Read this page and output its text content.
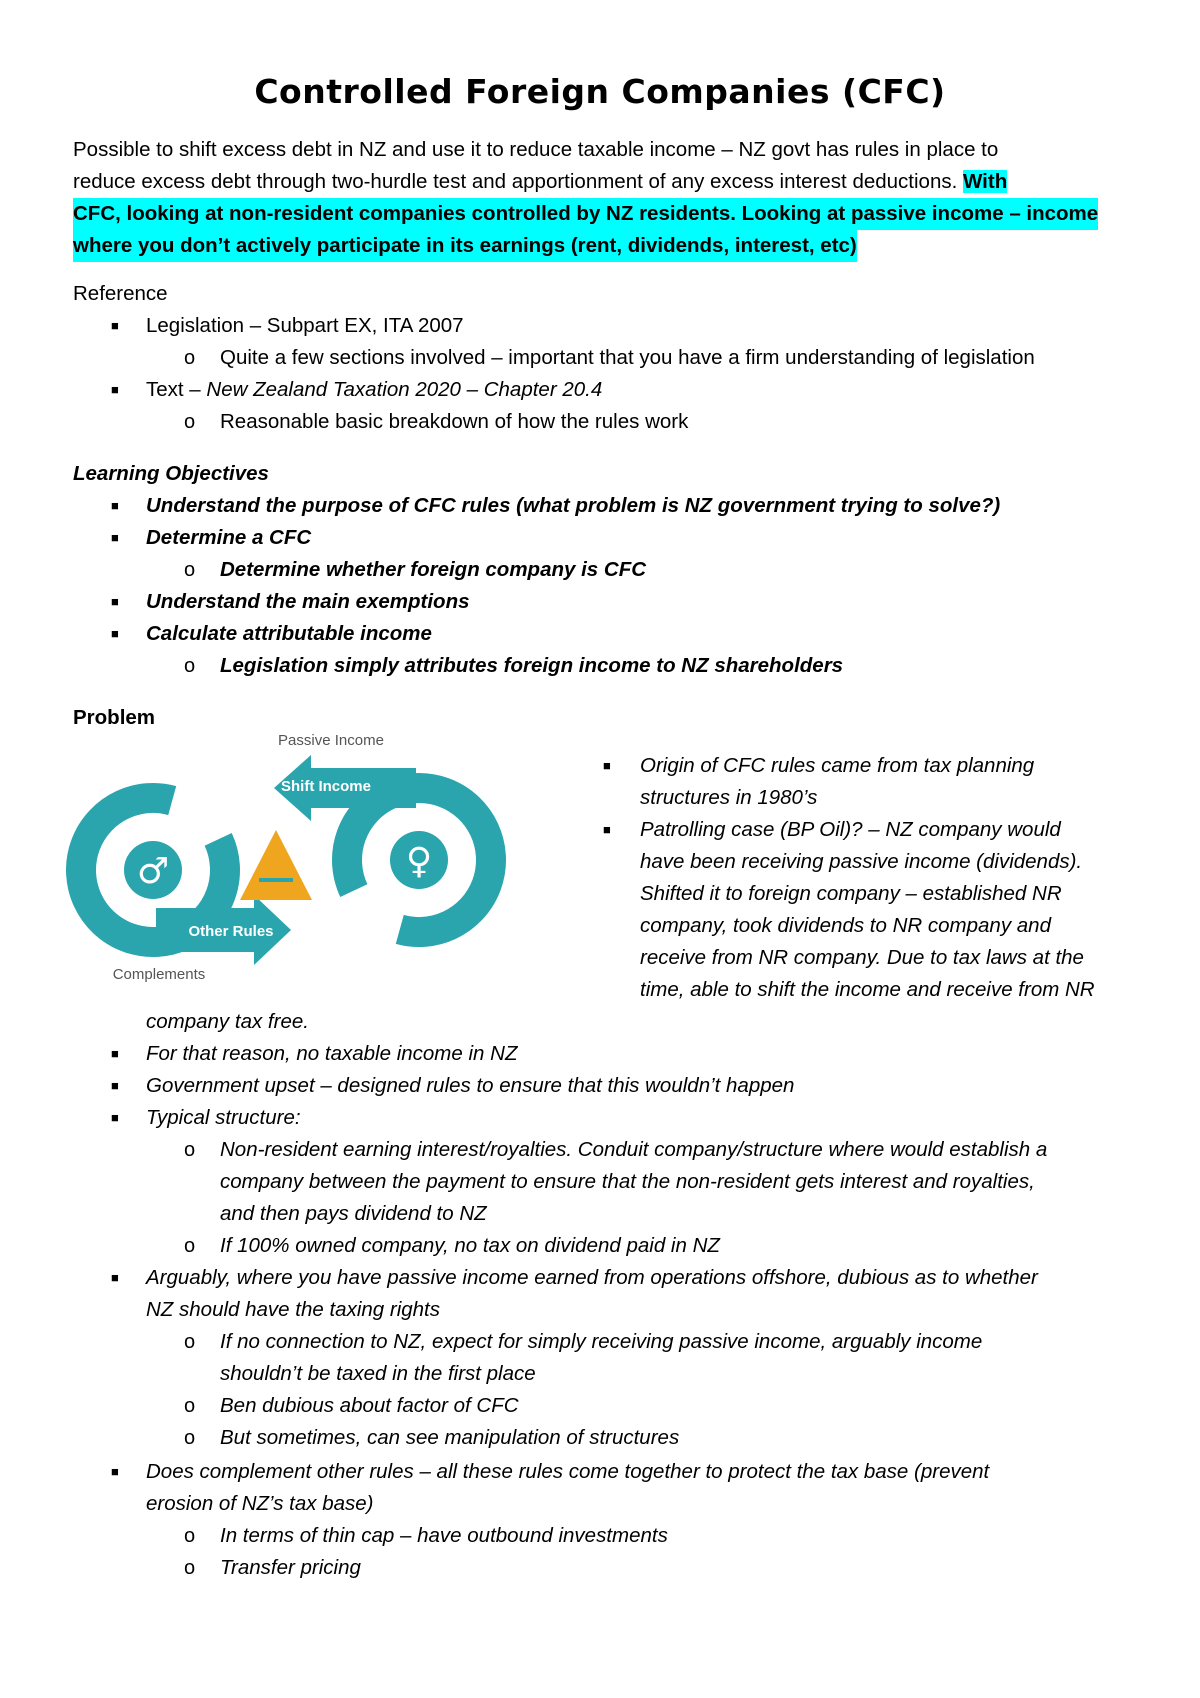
Controlled Foreign Companies (CFC)
Possible to shift excess debt in NZ and use it to reduce taxable income – NZ govt has rules in place to
reduce excess debt through two-hurdle test and apportionment of any excess interest deductions. With
CFC, looking at non-resident companies controlled by NZ residents. Looking at passive income – income
where you don’t actively participate in its earnings (rent, dividends, interest, etc)
Reference
■ Legislation – Subpart EX, ITA 2007
o Quite a few sections involved – important that you have a firm understanding of legislation
■ Text – New Zealand Taxation 2020 – Chapter 20.4
o Reasonable basic breakdown of how the rules work
Learning Objectives
■ Understand the purpose of CFC rules (what problem is NZ government trying to solve?)
■ Determine a CFC
o Determine whether foreign company is CFC
■ Understand the main exemptions
■ Calculate attributable income
o Legislation simply attributes foreign income to NZ shareholders
Problem
♂	♀
Shift Income
Passive Income
Other Rules
Complements
■ Origin of CFC rules came from tax planning
structures in 1980’s
■ Patrolling case (BP Oil)? – NZ company would
have been receiving passive income (dividends).
Shifted it to foreign company – established NR
company, took dividends to NR company and
receive from NR company. Due to tax laws at the
time, able to shift the income and receive from NR
company tax free.
■ For that reason, no taxable income in NZ
■ Government upset – designed rules to ensure that this wouldn’t happen
■ Typical structure:
o Non-resident earning interest/royalties. Conduit company/structure where would establish a
company between the payment to ensure that the non-resident gets interest and royalties,
and then pays dividend to NZ
o If 100% owned company, no tax on dividend paid in NZ
■ Arguably, where you have passive income earned from operations offshore, dubious as to whether
NZ should have the taxing rights
o If no connection to NZ, expect for simply receiving passive income, arguably income
shouldn’t be taxed in the first place
o Ben dubious about factor of CFC
o But sometimes, can see manipulation of structures
■ Does complement other rules – all these rules come together to protect the tax base (prevent
erosion of NZ’s tax base)
o In terms of thin cap – have outbound investments
o Transfer pricing
